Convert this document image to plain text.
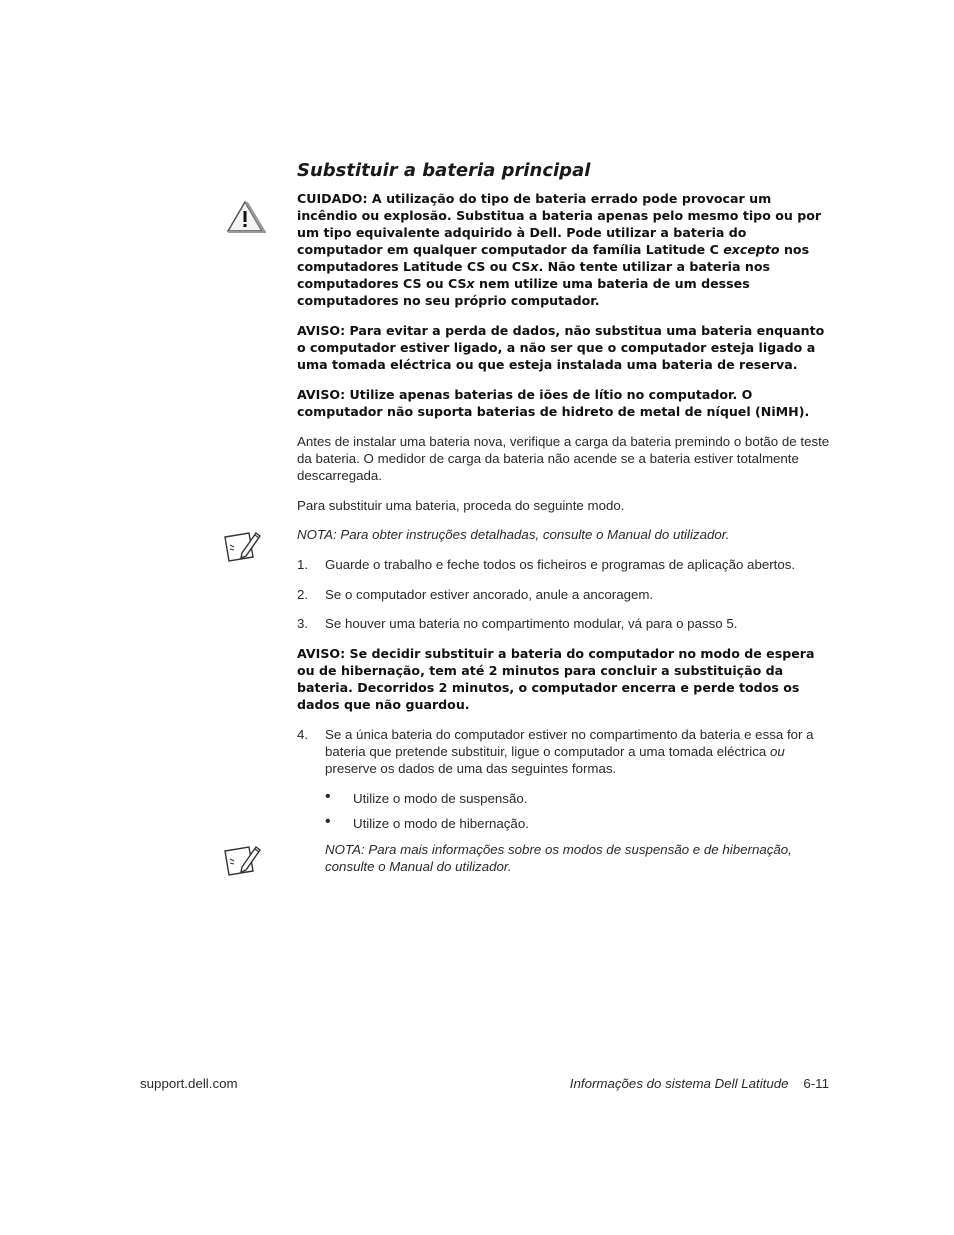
Substituir a bateria principal

CUIDADO: A utilização do tipo de bateria errado pode provocar um incêndio ou explosão. Substitua a bateria apenas pelo mesmo tipo ou por um tipo equivalente adquirido à Dell. Pode utilizar a bateria do computador em qualquer computador da família Latitude C excepto nos computadores Latitude CS ou CSx. Não tente utilizar a bateria nos computadores CS ou CSx nem utilize uma bateria de um desses computadores no seu próprio computador.

AVISO: Para evitar a perda de dados, não substitua uma bateria enquanto o computador estiver ligado, a não ser que o computador esteja ligado a uma tomada eléctrica ou que esteja instalada uma bateria de reserva.

AVISO: Utilize apenas baterias de iões de lítio no computador. O computador não suporta baterias de hidreto de metal de níquel (NiMH).

Antes de instalar uma bateria nova, verifique a carga da bateria premindo o botão de teste da bateria. O medidor de carga da bateria não acende se a bateria estiver totalmente descarregada.

Para substituir uma bateria, proceda do seguinte modo.

NOTA: Para obter instruções detalhadas, consulte o Manual do utilizador.

1. Guarde o trabalho e feche todos os ficheiros e programas de aplicação abertos.
2. Se o computador estiver ancorado, anule a ancoragem.
3. Se houver uma bateria no compartimento modular, vá para o passo 5.

AVISO: Se decidir substituir a bateria do computador no modo de espera ou de hibernação, tem até 2 minutos para concluir a substituição da bateria. Decorridos 2 minutos, o computador encerra e perde todos os dados que não guardou.

4. Se a única bateria do computador estiver no compartimento da bateria e essa for a bateria que pretende substituir, ligue o computador a uma tomada eléctrica ou preserve os dados de uma das seguintes formas.
• Utilize o modo de suspensão.
• Utilize o modo de hibernação.

NOTA: Para mais informações sobre os modos de suspensão e de hibernação, consulte o Manual do utilizador.

support.dell.com	Informações do sistema Dell Latitude 6-11
